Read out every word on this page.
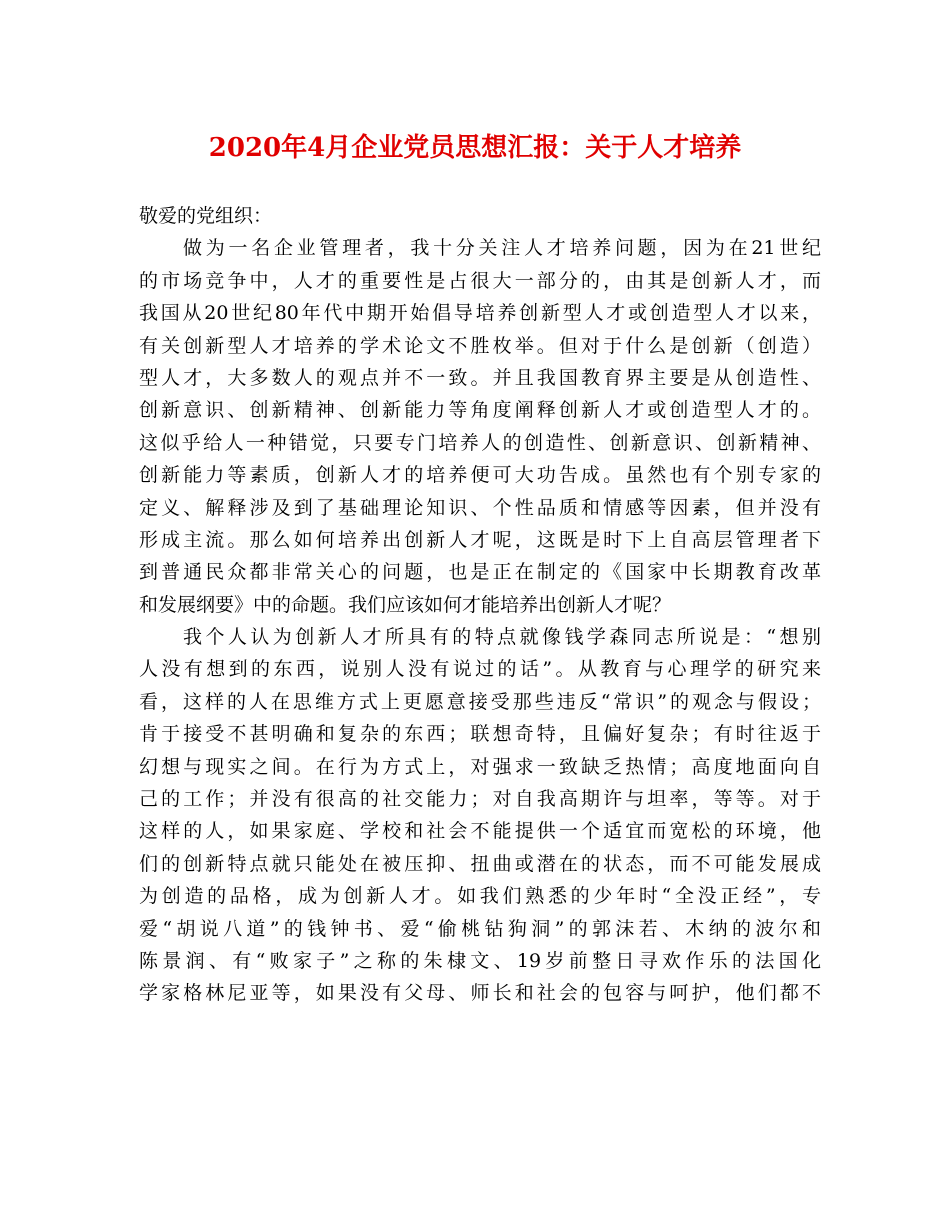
2020年4月企业党员思想汇报：关于人才培养

敬爱的党组织：

做为一名企业管理者，我十分关注人才培养问题，因为在21世纪

的市场竞争中，人才的重要性是占很大一部分的，由其是创新人才，而

我国从20世纪80年代中期开始倡导培养创新型人才或创造型人才以来，

有关创新型人才培养的学术论文不胜枚举。但对于什么是创新（创造）

型人才，大多数人的观点并不一致。并且我国教育界主要是从创造性、

创新意识、创新精神、创新能力等角度阐释创新人才或创造型人才的。

这似乎给人一种错觉，只要专门培养人的创造性、创新意识、创新精神、

创新能力等素质，创新人才的培养便可大功告成。虽然也有个别专家的

定义、解释涉及到了基础理论知识、个性品质和情感等因素，但并没有

形成主流。那么如何培养出创新人才呢，这既是时下上自高层管理者下

到普通民众都非常关心的问题，也是正在制定的《国家中长期教育改革

和发展纲要》中的命题。我们应该如何才能培养出创新人才呢？

我个人认为创新人才所具有的特点就像钱学森同志所说是：“想别

人没有想到的东西，说别人没有说过的话”。从教育与心理学的研究来

看，这样的人在思维方式上更愿意接受那些违反“常识”的观念与假设；

肯于接受不甚明确和复杂的东西；联想奇特，且偏好复杂；有时往返于

幻想与现实之间。在行为方式上，对强求一致缺乏热情；高度地面向自

己的工作；并没有很高的社交能力；对自我高期许与坦率，等等。对于

这样的人，如果家庭、学校和社会不能提供一个适宜而宽松的环境，他

们的创新特点就只能处在被压抑、扭曲或潜在的状态，而不可能发展成

为创造的品格，成为创新人才。如我们熟悉的少年时“全没正经”，专

爱“胡说八道”的钱钟书、爱“偷桃钻狗洞”的郭沫若、木纳的波尔和

陈景润、有“败家子”之称的朱棣文、19岁前整日寻欢作乐的法国化

学家格林尼亚等，如果没有父母、师长和社会的包容与呵护，他们都不
